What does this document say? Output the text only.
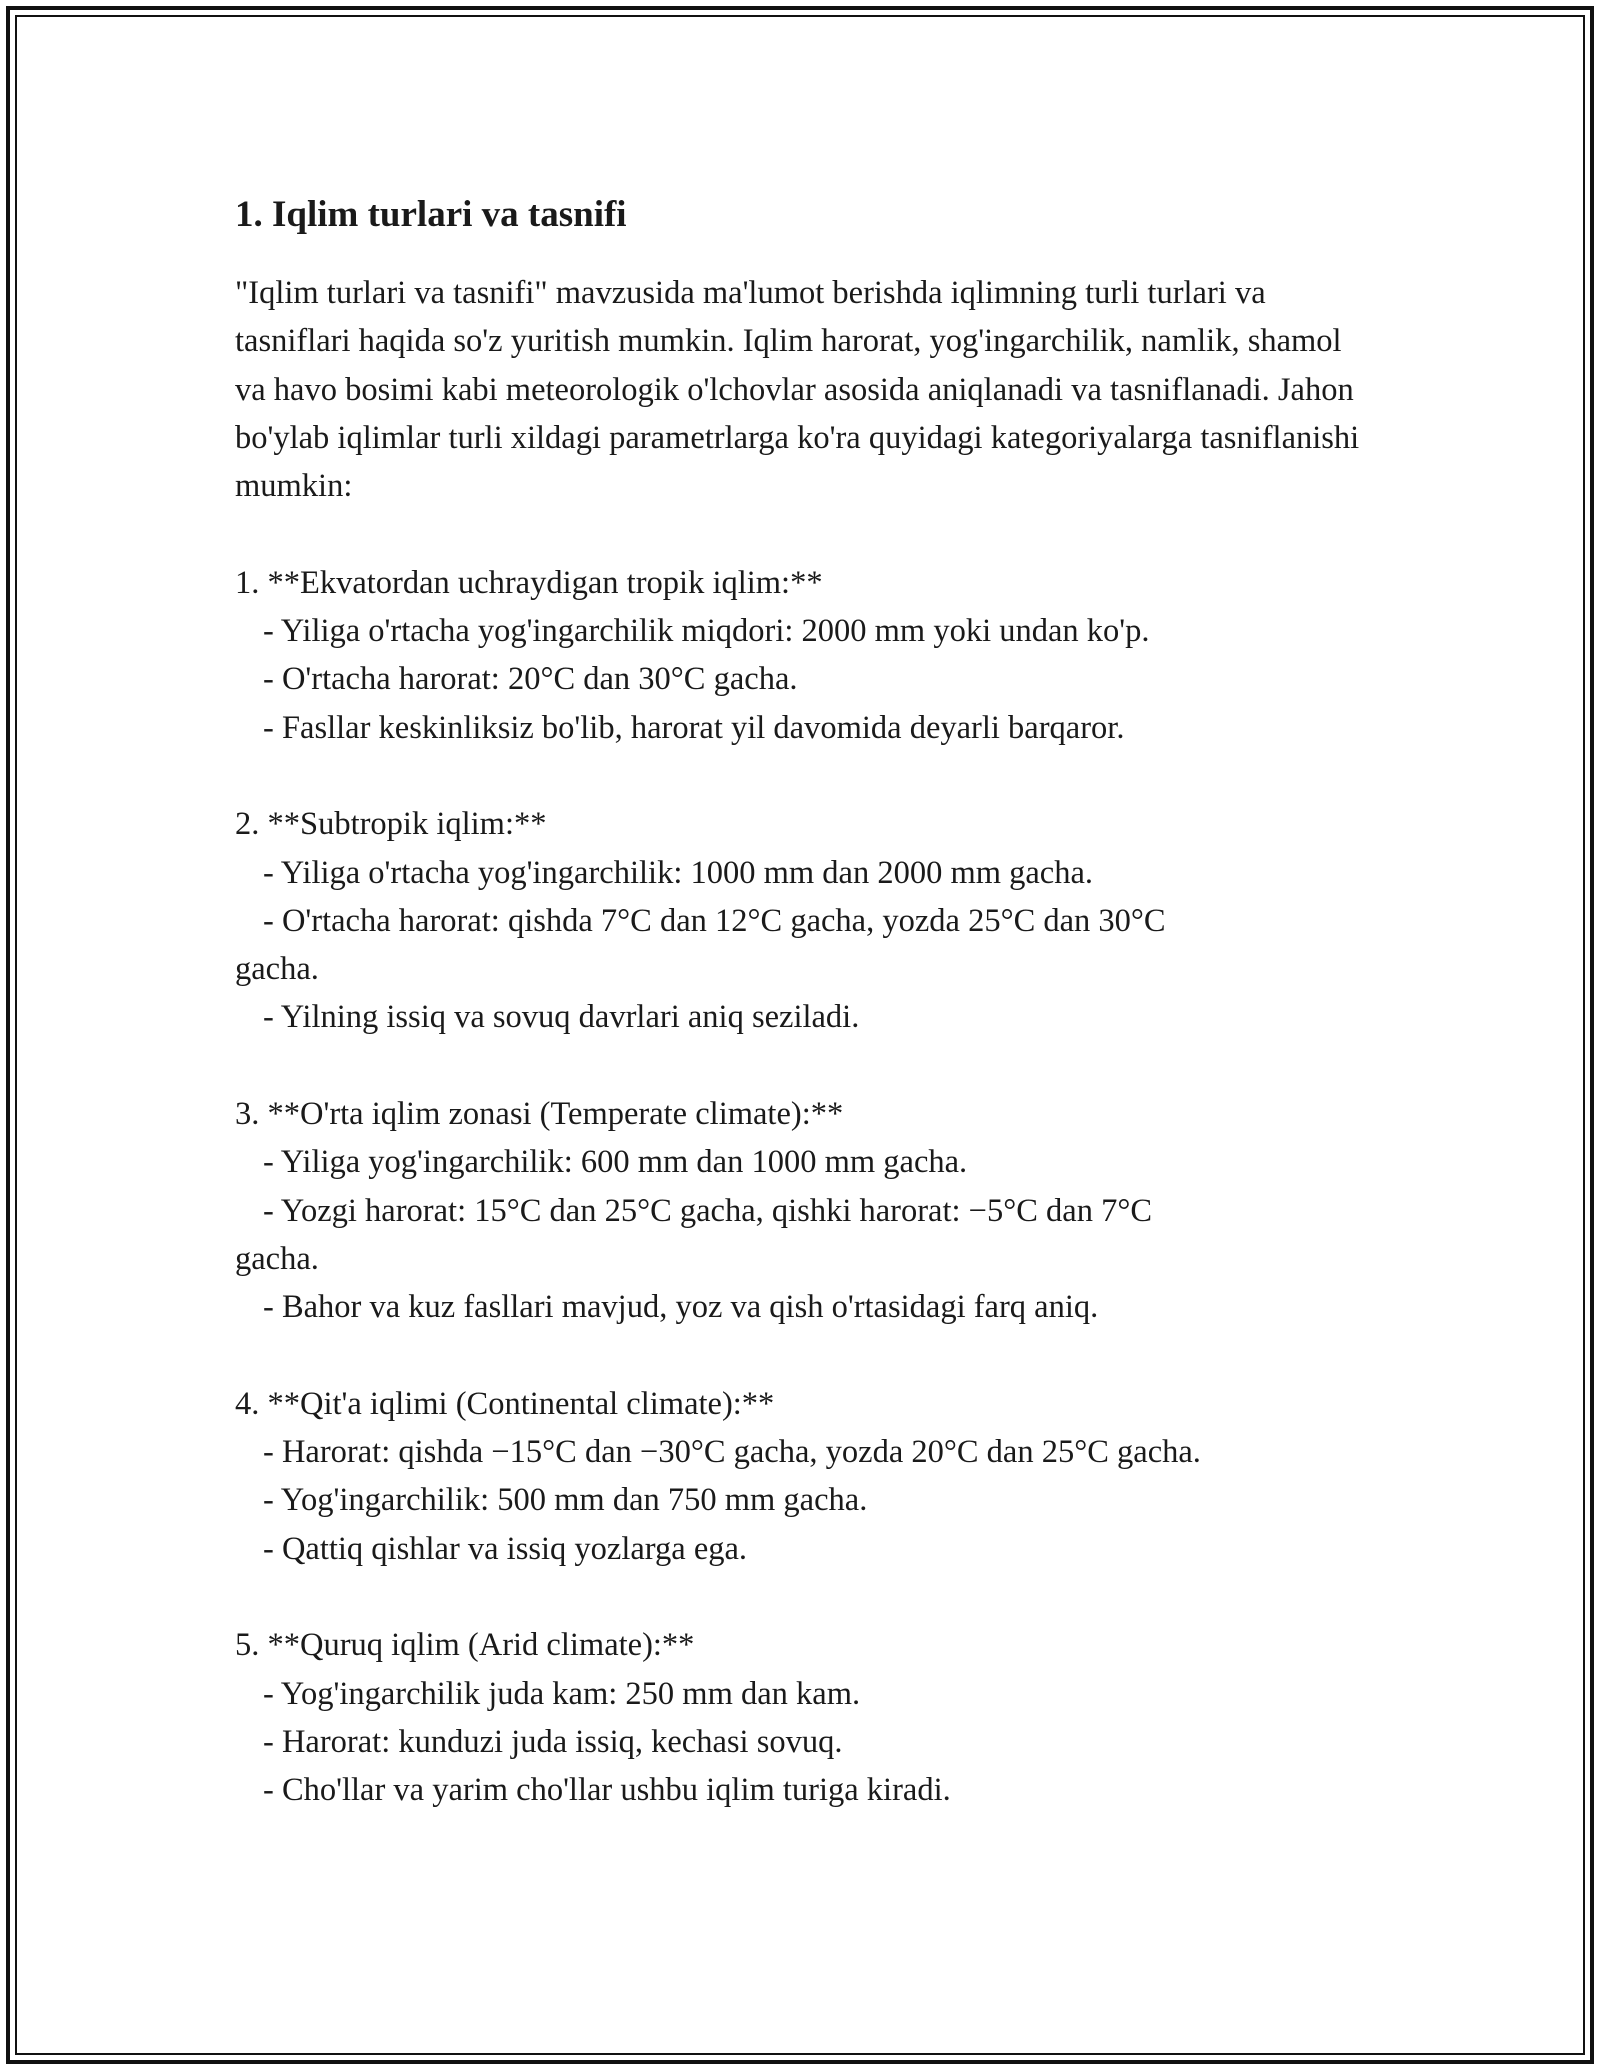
1. Iqlim turlari va tasnifi

"Iqlim turlari va tasnifi" mavzusida ma'lumot berishda iqlimning turli turlari va tasniflari haqida so'z yuritish mumkin. Iqlim harorat, yog'ingarchilik, namlik, shamol va havo bosimi kabi meteorologik o'lchovlar asosida aniqlanadi va tasniflanadi. Jahon bo'ylab iqlimlar turli xildagi parametrlarga ko'ra quyidagi kategoriyalarga tasniflanishi mumkin:

1. **Ekvatordan uchraydigan tropik iqlim:**

- Yiliga o'rtacha yog'ingarchilik miqdori: 2000 mm yoki undan ko'p.

- O'rtacha harorat: 20°C dan 30°C gacha.

- Fasllar keskinliksiz bo'lib, harorat yil davomida deyarli barqaror.

2. **Subtropik iqlim:**

- Yiliga o'rtacha yog'ingarchilik: 1000 mm dan 2000 mm gacha.

- O'rtacha harorat: qishda 7°C dan 12°C gacha, yozda 25°C dan 30°C

gacha.

- Yilning issiq va sovuq davrlari aniq seziladi.

3. **O'rta iqlim zonasi (Temperate climate):**

- Yiliga yog'ingarchilik: 600 mm dan 1000 mm gacha.

- Yozgi harorat: 15°C dan 25°C gacha, qishki harorat: −5°C dan 7°C

gacha.

- Bahor va kuz fasllari mavjud, yoz va qish o'rtasidagi farq aniq.

4. **Qit'a iqlimi (Continental climate):**

- Harorat: qishda −15°C dan −30°C gacha, yozda 20°C dan 25°C gacha.

- Yog'ingarchilik: 500 mm dan 750 mm gacha.

- Qattiq qishlar va issiq yozlarga ega.

5. **Quruq iqlim (Arid climate):**

- Yog'ingarchilik juda kam: 250 mm dan kam.

- Harorat: kunduzi juda issiq, kechasi sovuq.

- Cho'llar va yarim cho'llar ushbu iqlim turiga kiradi.
